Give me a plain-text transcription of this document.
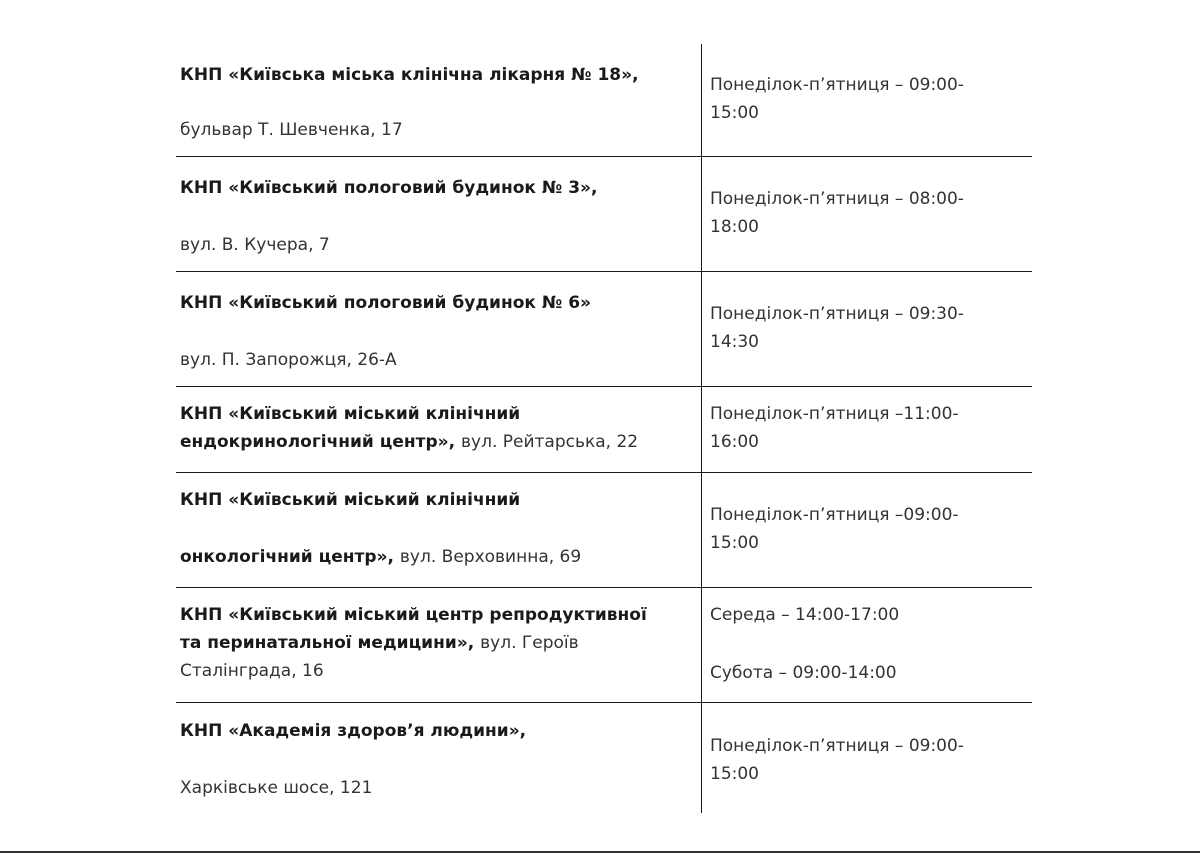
КНП «Київська міська клінічна лікарня № 18»,
бульвар Т. Шевченка, 17
Понеділок-п’ятниця – 09:00-
15:00
КНП «Київський пологовий будинок № 3»,
вул. В. Кучера, 7
Понеділок-п’ятниця – 08:00-
18:00
КНП «Київський пологовий будинок № 6»
вул. П. Запорожця, 26-А
Понеділок-п’ятниця – 09:30-
14:30
КНП «Київський міський клінічний
ендокринологічний центр», вул. Рейтарська, 22
Понеділок-п’ятниця –11:00-
16:00
КНП «Київський міський клінічний
онкологічний центр», вул. Верховинна, 69
Понеділок-п’ятниця –09:00-
15:00
КНП «Київський міський центр репродуктивної
та перинатальної медицини», вул. Героїв
Сталінграда, 16
Середа – 14:00-17:00
Субота – 09:00-14:00
КНП «Академія здоров’я людини»,
Харківське шосе, 121
Понеділок-п’ятниця – 09:00-
15:00
